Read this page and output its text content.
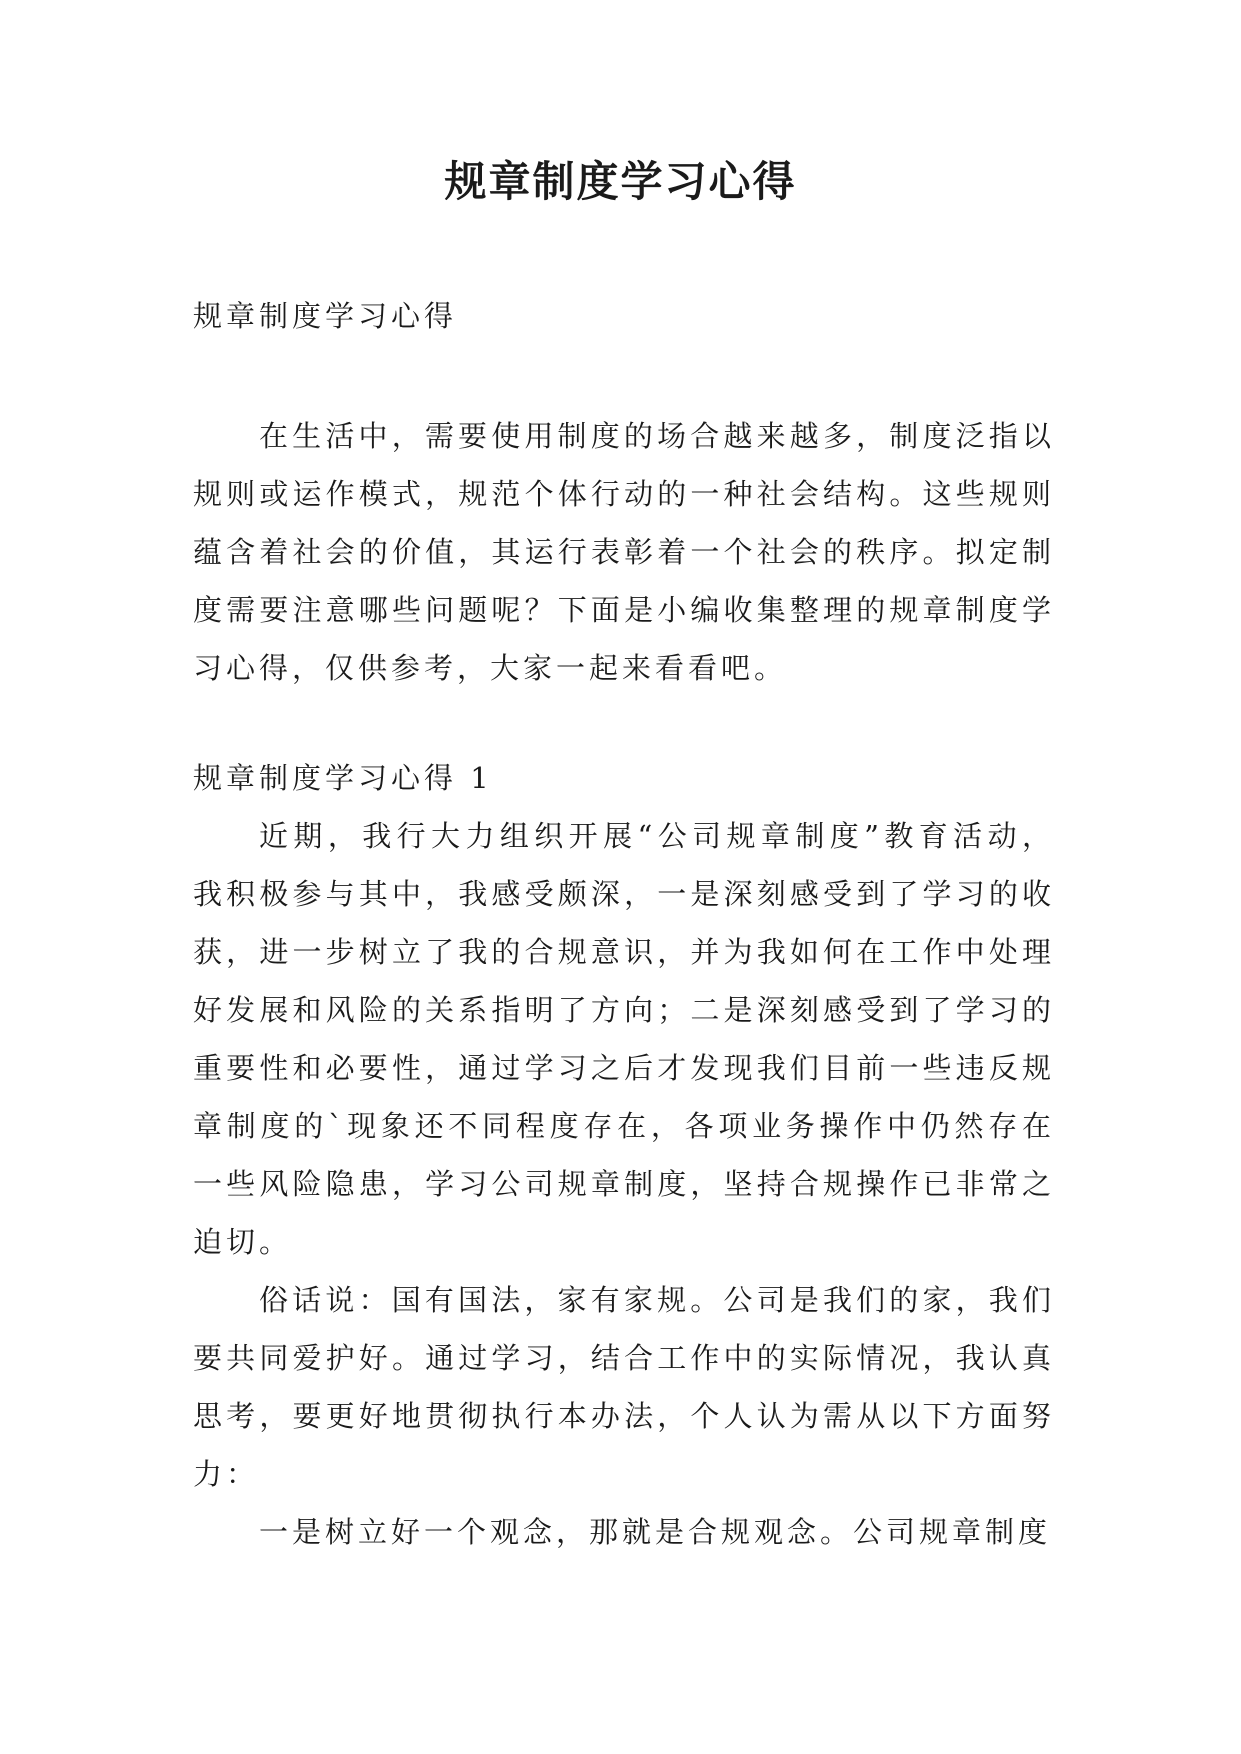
规章制度学习心得

规章制度学习心得

在生活中，需要使用制度的场合越来越多，制度泛指以规则或运作模式，规范个体行动的一种社会结构。这些规则蕴含着社会的价值，其运行表彰着一个社会的秩序。拟定制度需要注意哪些问题呢？下面是小编收集整理的规章制度学习心得，仅供参考，大家一起来看看吧。

规章制度学习心得 1

近期，我行大力组织开展“公司规章制度”教育活动，我积极参与其中，我感受颇深，一是深刻感受到了学习的收获，进一步树立了我的合规意识，并为我如何在工作中处理好发展和风险的关系指明了方向；二是深刻感受到了学习的重要性和必要性，通过学习之后才发现我们目前一些违反规章制度的`现象还不同程度存在，各项业务操作中仍然存在一些风险隐患，学习公司规章制度，坚持合规操作已非常之迫切。

俗话说：国有国法，家有家规。公司是我们的家，我们要共同爱护好。通过学习，结合工作中的实际情况，我认真思考，要更好地贯彻执行本办法，个人认为需从以下方面努力：

一是树立好一个观念，那就是合规观念。公司规章制度
